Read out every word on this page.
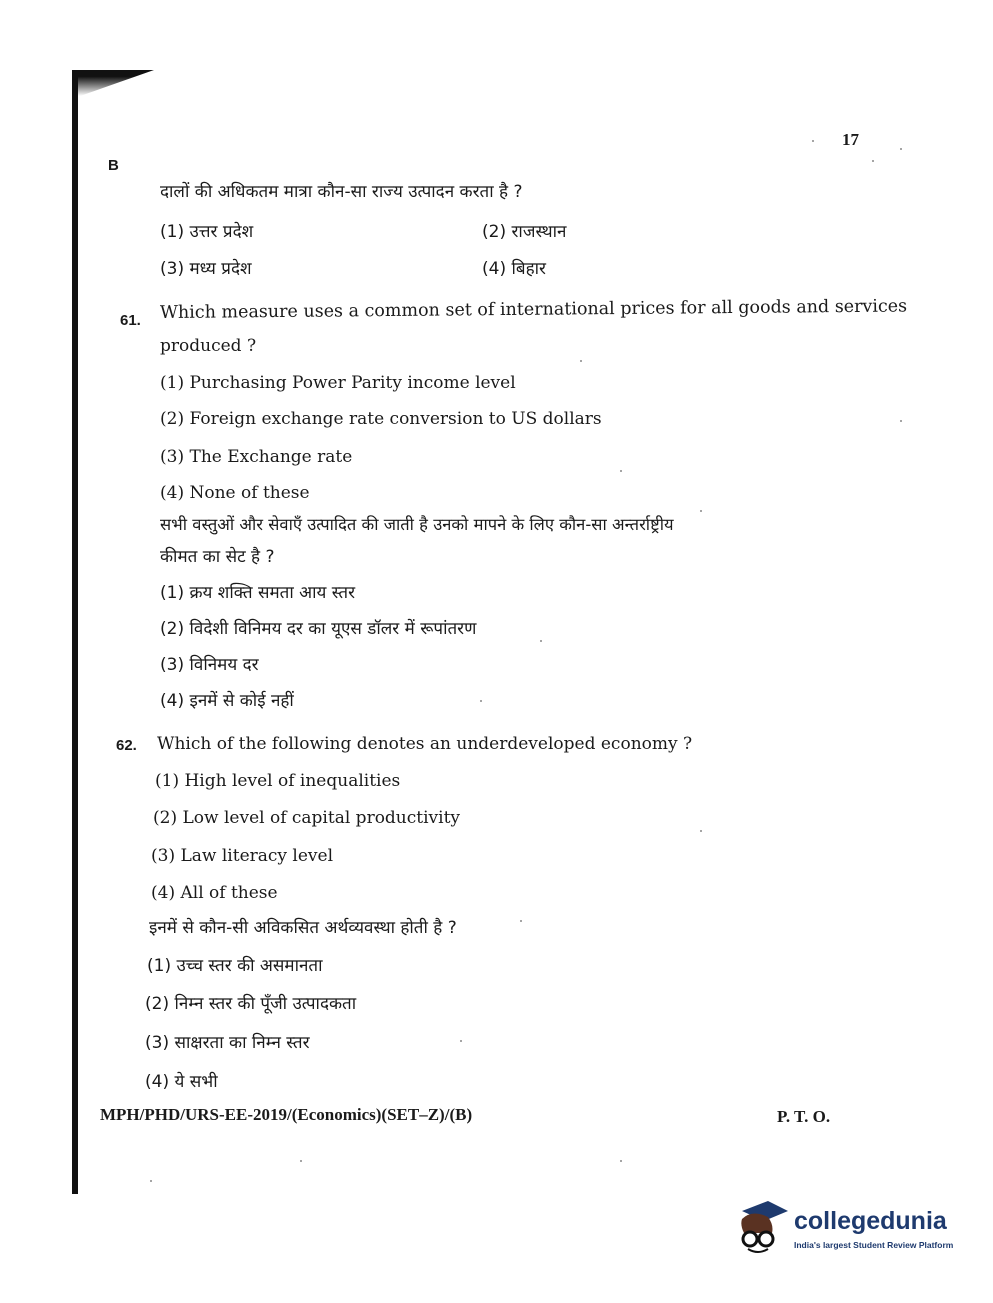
17
B
दालों की अधिकतम मात्रा कौन-सा राज्य उत्पादन करता है ?
(1) उत्तर प्रदेश	(2) राजस्थान
(3) मध्य प्रदेश	(4) बिहार
61. Which measure uses a common set of international prices for all goods and services
produced ?
(1) Purchasing Power Parity income level
(2) Foreign exchange rate conversion to US dollars
(3) The Exchange rate
(4) None of these
सभी वस्तुओं और सेवाएँ उत्पादित की जाती है उनको मापने के लिए कौन-सा अन्तर्राष्ट्रीय
कीमत का सेट है ?
(1) क्रय शक्ति समता आय स्तर
(2) विदेशी विनिमय दर का यूएस डॉलर में रूपांतरण
(3) विनिमय दर
(4) इनमें से कोई नहीं
62. Which of the following denotes an underdeveloped economy ?
(1) High level of inequalities
(2) Low level of capital productivity
(3) Law literacy level
(4) All of these
इनमें से कौन-सी अविकसित अर्थव्यवस्था होती है ?
(1) उच्च स्तर की असमानता
(2) निम्न स्तर की पूँजी उत्पादकता
(3) साक्षरता का निम्न स्तर
(4) ये सभी
MPH/PHD/URS-EE-2019/(Economics)(SET–Z)/(B)	P. T. O.
collegedunia
India's largest Student Review Platform
